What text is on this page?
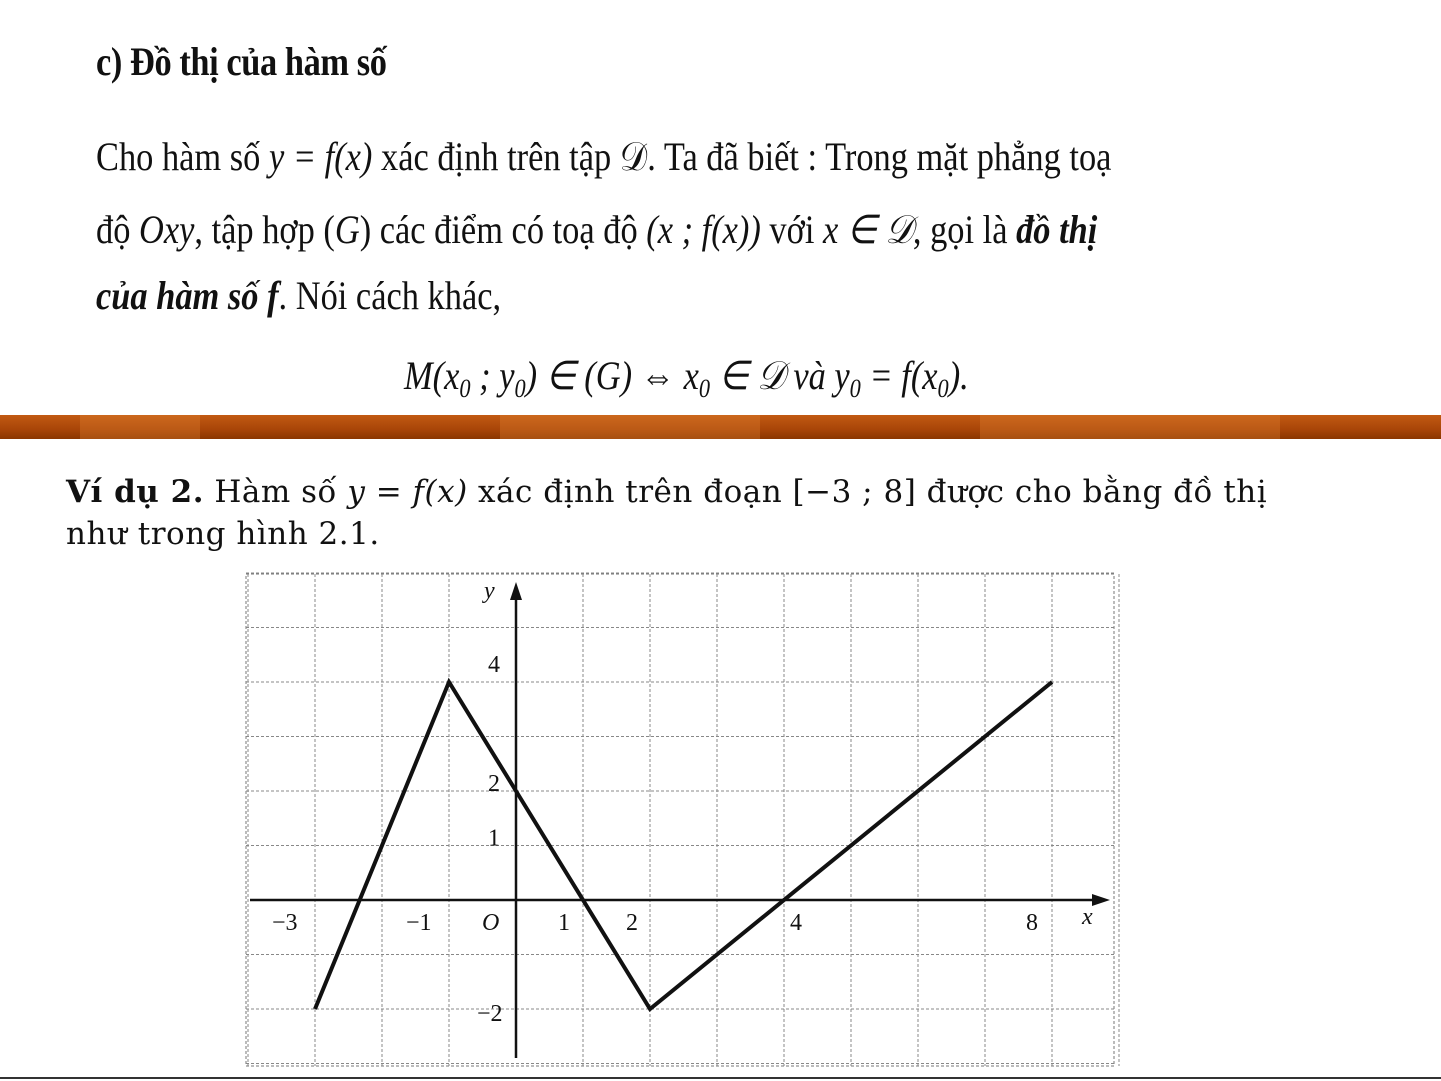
c) Đồ thị của hàm số
Cho hàm số y = f(x) xác định trên tập 𝒟. Ta đã biết : Trong mặt phẳng toạ
độ Oxy, tập hợp (G) các điểm có toạ độ (x ; f(x)) với x ∈ 𝒟, gọi là đồ thị
của hàm số f. Nói cách khác,
$M(x_0$ ; $y_0$) ∈ (G) ⇔ $x_0$ ∈ 𝒟 và $y_0 = f(x_0)$.
Ví dụ 2. Hàm số y = f(x) xác định trên đoạn [−3 ; 8] được cho bằng đồ thị
như trong hình 2.1.
−3	−1	1 2	4	8
4
2
1
−2
O	x
y
